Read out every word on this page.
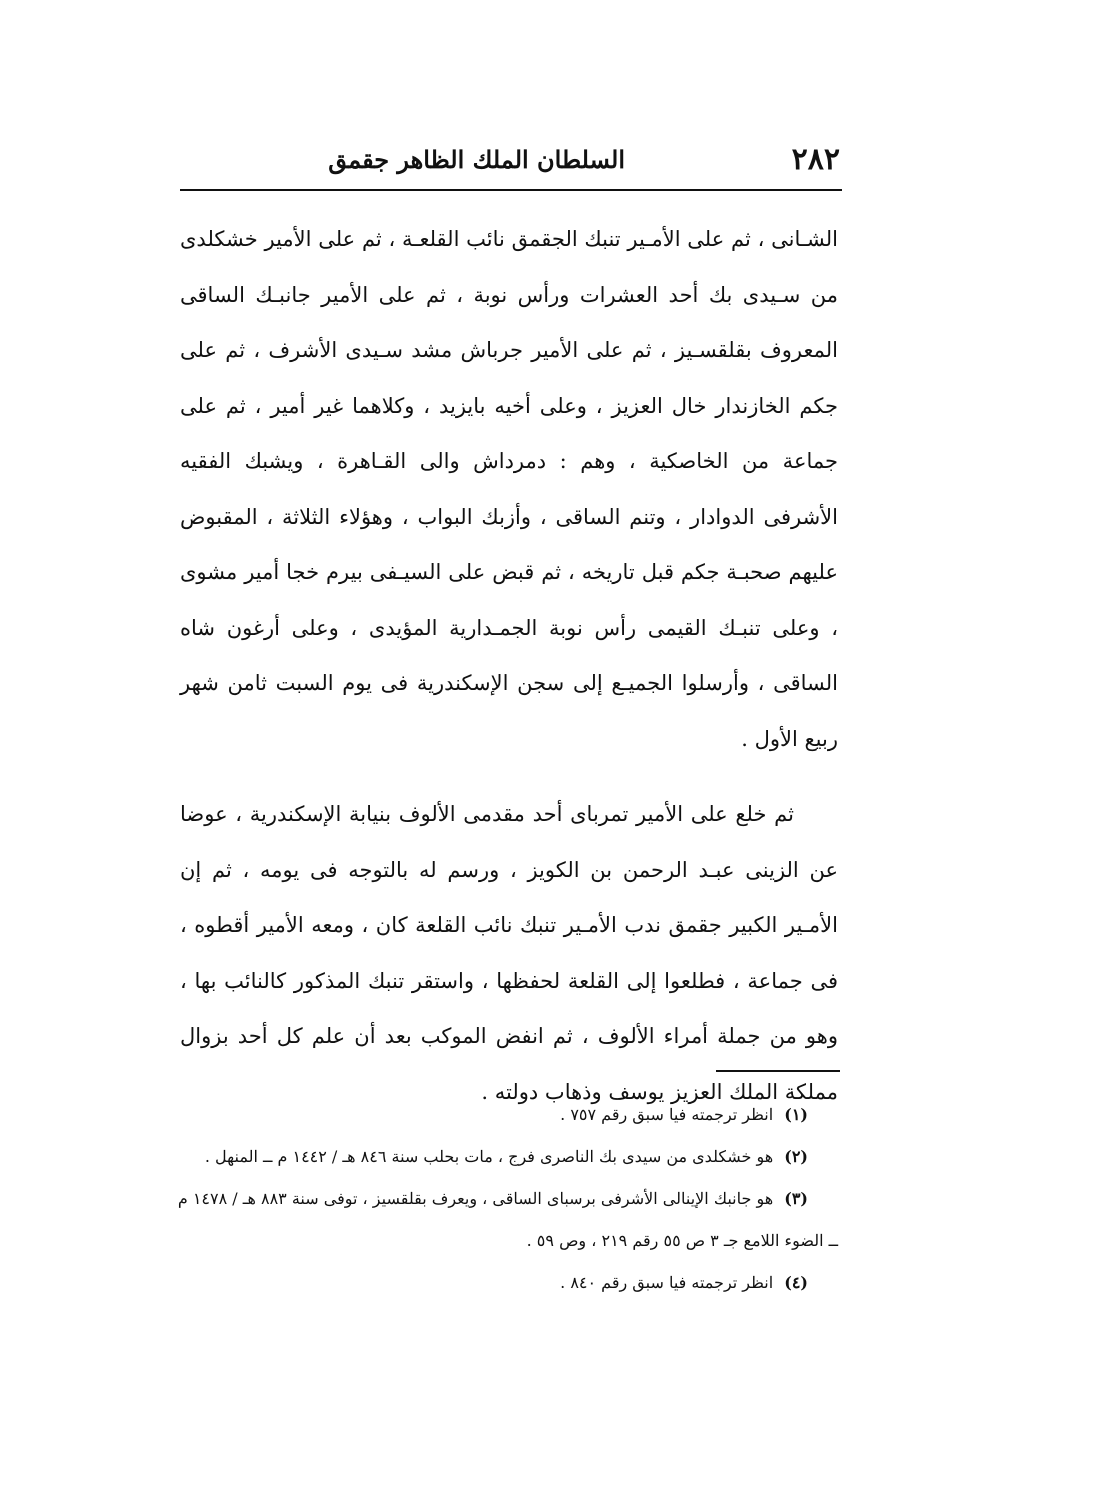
٢٨٢
السلطان الملك الظاهر جقمق

الشـانى ، ثم على الأمـير تنبك الجقمق نائب القلعـة ، ثم على الأمير خشكلدى من سـيدى بك أحد العشرات ورأس نوبة ، ثم على الأمير جانبـك الساقى المعروف بقلقسـيز ، ثم على الأمير جرباش مشد سـيدى الأشرف ، ثم على جكم الخازندار خال العزيز ، وعلى أخيه بايزيد ، وكلاهما غير أمير ، ثم على جماعة من الخاصكية ، وهم : دمرداش والى القـاهرة ، ويشبك الفقيه الأشرفى الدوادار ، وتنم الساقى ، وأزبك البواب ، وهؤلاء الثلاثة ، المقبوض عليهم صحبـة جكم قبل تاريخه ، ثم قبض على السيـفى بيرم خجا أمير مشوى ، وعلى تنبـك القيمى رأس نوبة الجمـدارية المؤيدى ، وعلى أرغون شاه الساقى ، وأرسلوا الجميـع إلى سجن الإسكندرية فى يوم السبت ثامن شهر ربيع الأول .

ثم خلع على الأمير تمرباى أحد مقدمى الألوف بنيابة الإسكندرية ، عوضا عن الزينى عبـد الرحمن بن الكويز ، ورسم له بالتوجه فى يومه ، ثم إن الأمـير الكبير جقمق ندب الأمـير تنبك نائب القلعة كان ، ومعه الأمير أقطوه ، فى جماعة ، فطلعوا إلى القلعة لحفظها ، واستقر تنبك المذكور كالنائب بها ، وهو من جملة أمراء الألوف ، ثم انفض الموكب بعد أن علم كل أحد بزوال مملكة الملك العزيز يوسف وذهاب دولته .

(١) انظر ترجمته فيا سبق رقم ٧٥٧ .

(٢) هو خشكلدى من سيدى بك الناصرى فرج ، مات بحلب سنة ٨٤٦ هـ / ١٤٤٢ م ــ المنهل .

(٣) هو جانبك الإينالى الأشرفى برسباى الساقى ، ويعرف بقلقسيز ، توفى سنة ٨٨٣ هـ / ١٤٧٨ م

ــ الضوء اللامع جـ ٣ ص ٥٥ رقم ٢١٩ ، وص ٥٩ .

(٤) انظر ترجمته فيا سبق رقم ٨٤٠ .
